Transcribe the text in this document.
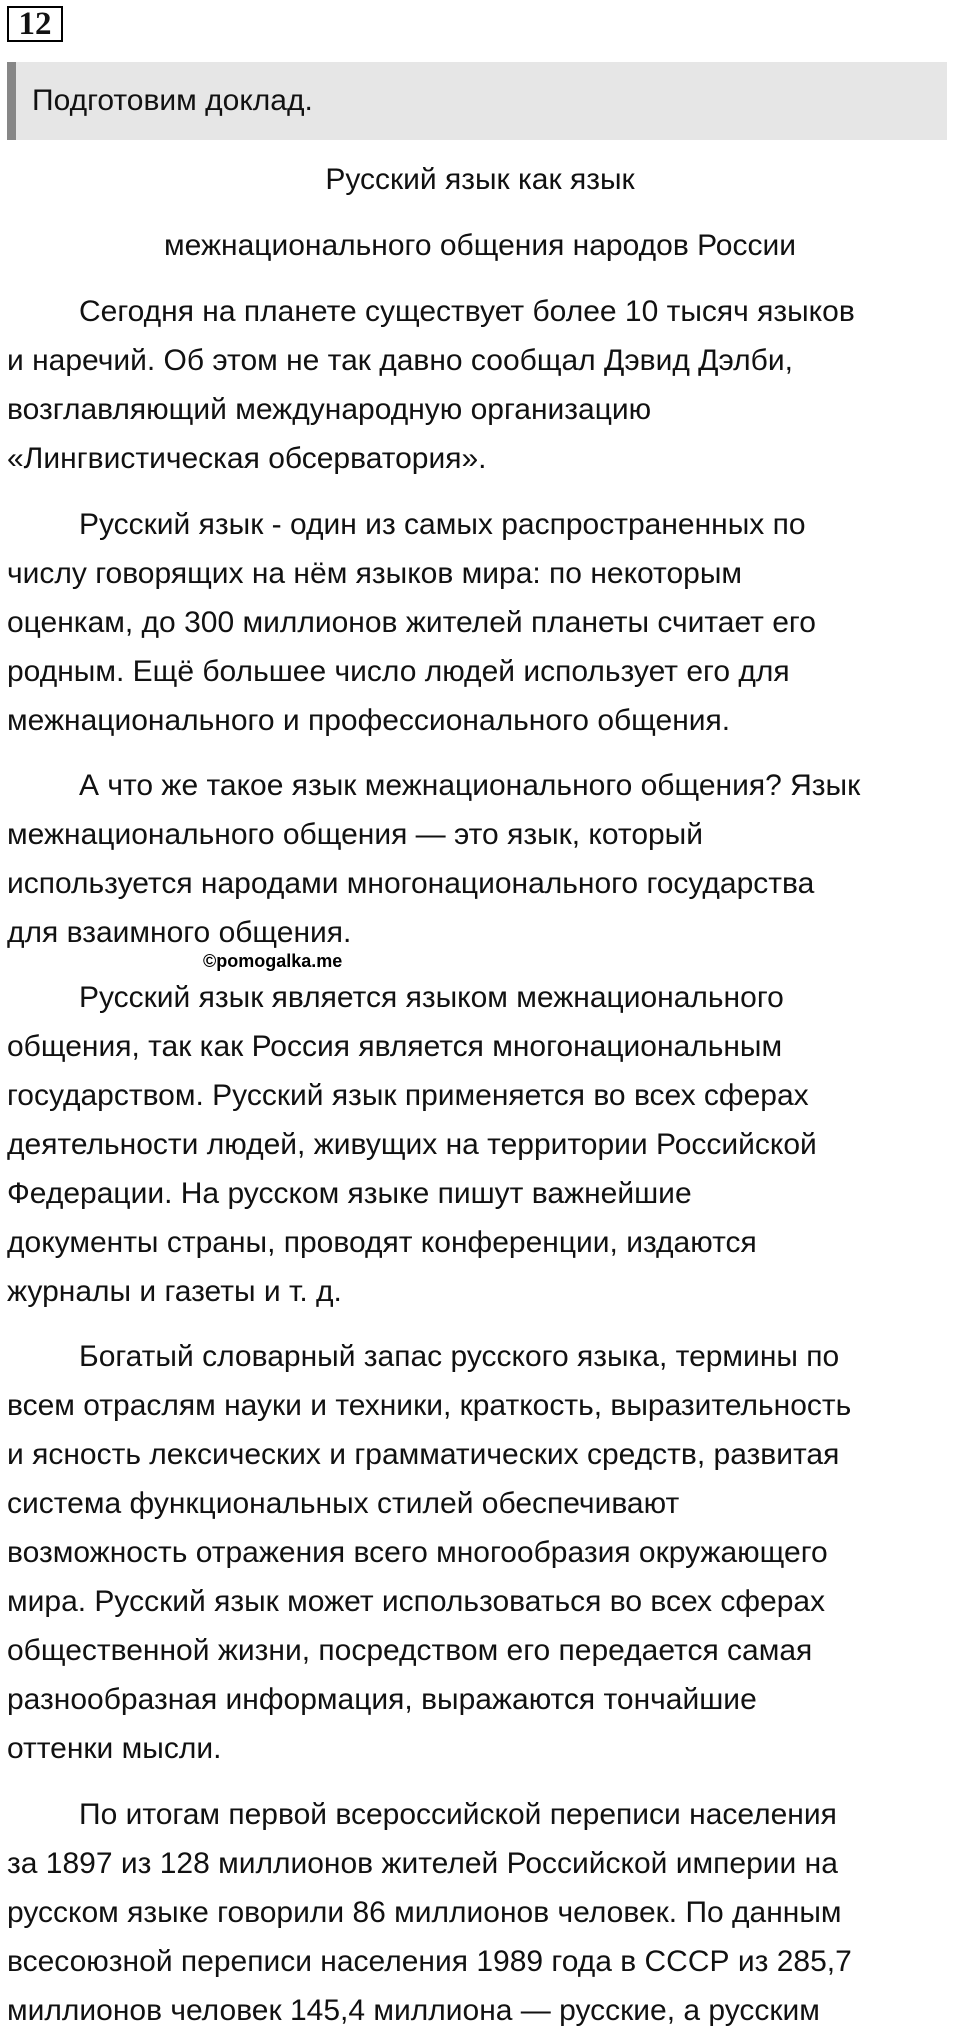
12
Подготовим доклад.
Русский язык как язык
межнационального общения народов России

Сегодня на планете существует более 10 тысяч языков
и наречий. Об этом не так давно сообщал Дэвид Дэлби,
возглавляющий международную организацию
«Лингвистическая обсерватория».

Русский язык - один из самых распространенных по
числу говорящих на нём языков мира: по некоторым
оценкам, до 300 миллионов жителей планеты считает его
родным. Ещё большее число людей использует его для
межнационального и профессионального общения.

А что же такое язык межнационального общения? Язык
межнационального общения — это язык, который
используется народами многонационального государства
для взаимного общения.

©pomogalka.me

Русский язык является языком межнационального
общения, так как Россия является многонациональным
государством. Русский язык применяется во всех сферах
деятельности людей, живущих на территории Российской
Федерации. На русском языке пишут важнейшие
документы страны, проводят конференции, издаются
журналы и газеты и т. д.

Богатый словарный запас русского языка, термины по
всем отраслям науки и техники, краткость, выразительность
и ясность лексических и грамматических средств, развитая
система функциональных стилей обеспечивают
возможность отражения всего многообразия окружающего
мира. Русский язык может использоваться во всех сферах
общественной жизни, посредством его передается самая
разнообразная информация, выражаются тончайшие
оттенки мысли.

По итогам первой всероссийской переписи населения
за 1897 из 128 миллионов жителей Российской империи на
русском языке говорили 86 миллионов человек. По данным
всесоюзной переписи населения 1989 года в СССР из 285,7
миллионов человек 145,4 миллиона — русские, а русским
